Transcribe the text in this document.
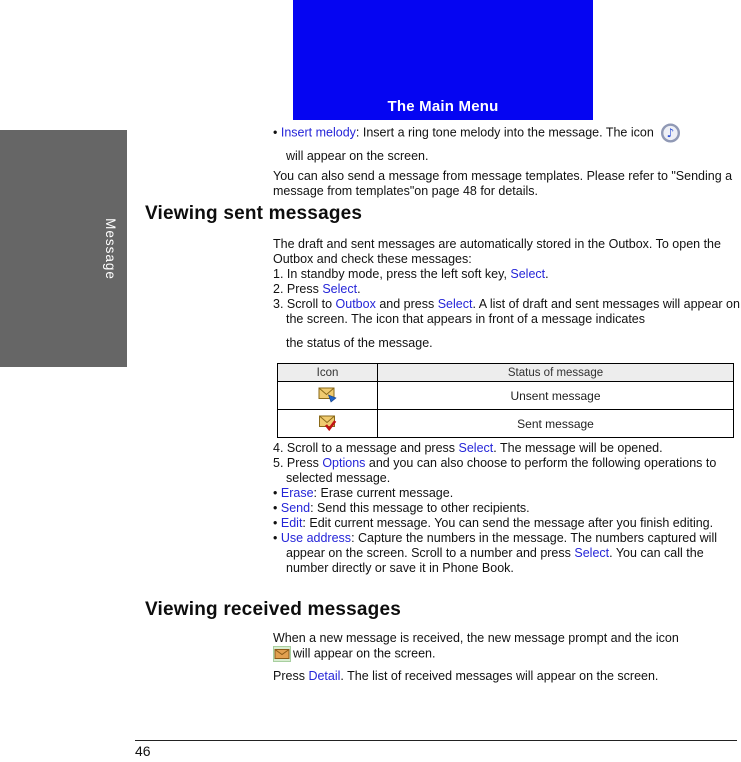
The Main Menu
Message

• Insert melody: Insert a ring tone melody into the message. The icon ♪

will appear on the screen.

You can also send a message from message templates. Please refer to "Sending a message from templates"on page 48 for details.
Viewing sent messages

The draft and sent messages are automatically stored in the Outbox. To open the Outbox and check these messages:

1. In standby mode, press the left soft key, Select.

2. Press Select.

3. Scroll to Outbox and press Select. A list of draft and sent messages will appear on the screen. The icon that appears in front of a message indicates

the status of the message.

Icon	Status of message
	Unsent message
	Sent message

4. Scroll to a message and press Select. The message will be opened.

5. Press Options and you can also choose to perform the following operations to selected message.

• Erase: Erase current message.

• Send: Send this message to other recipients.

• Edit: Edit current message. You can send the message after you finish editing.

• Use address: Capture the numbers in the message. The numbers captured will appear on the screen. Scroll to a number and press Select. You can call the number directly or save it in Phone Book.

Viewing received messages

When a new message is received, the new message prompt and the icon

will appear on the screen.

Press Detail. The list of received messages will appear on the screen.

46
